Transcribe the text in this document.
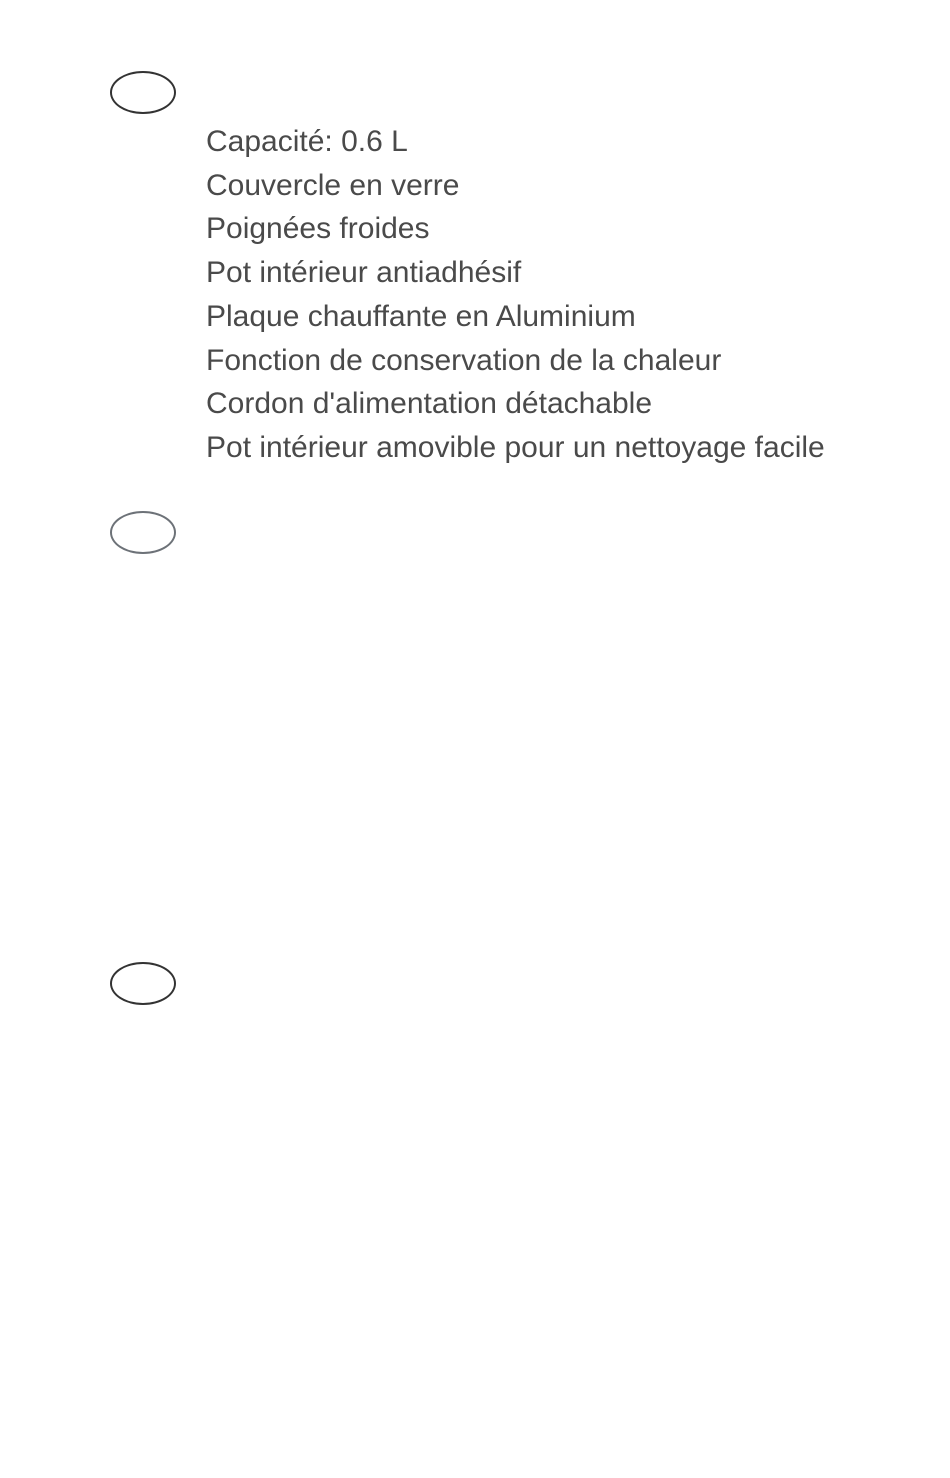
Capacité: 0.6 L
Couvercle en verre
Poignées froides
Pot intérieur antiadhésif
Plaque chauffante en Aluminium
Fonction de conservation de la chaleur
Cordon d'alimentation détachable
Pot intérieur amovible pour un nettoyage facile
